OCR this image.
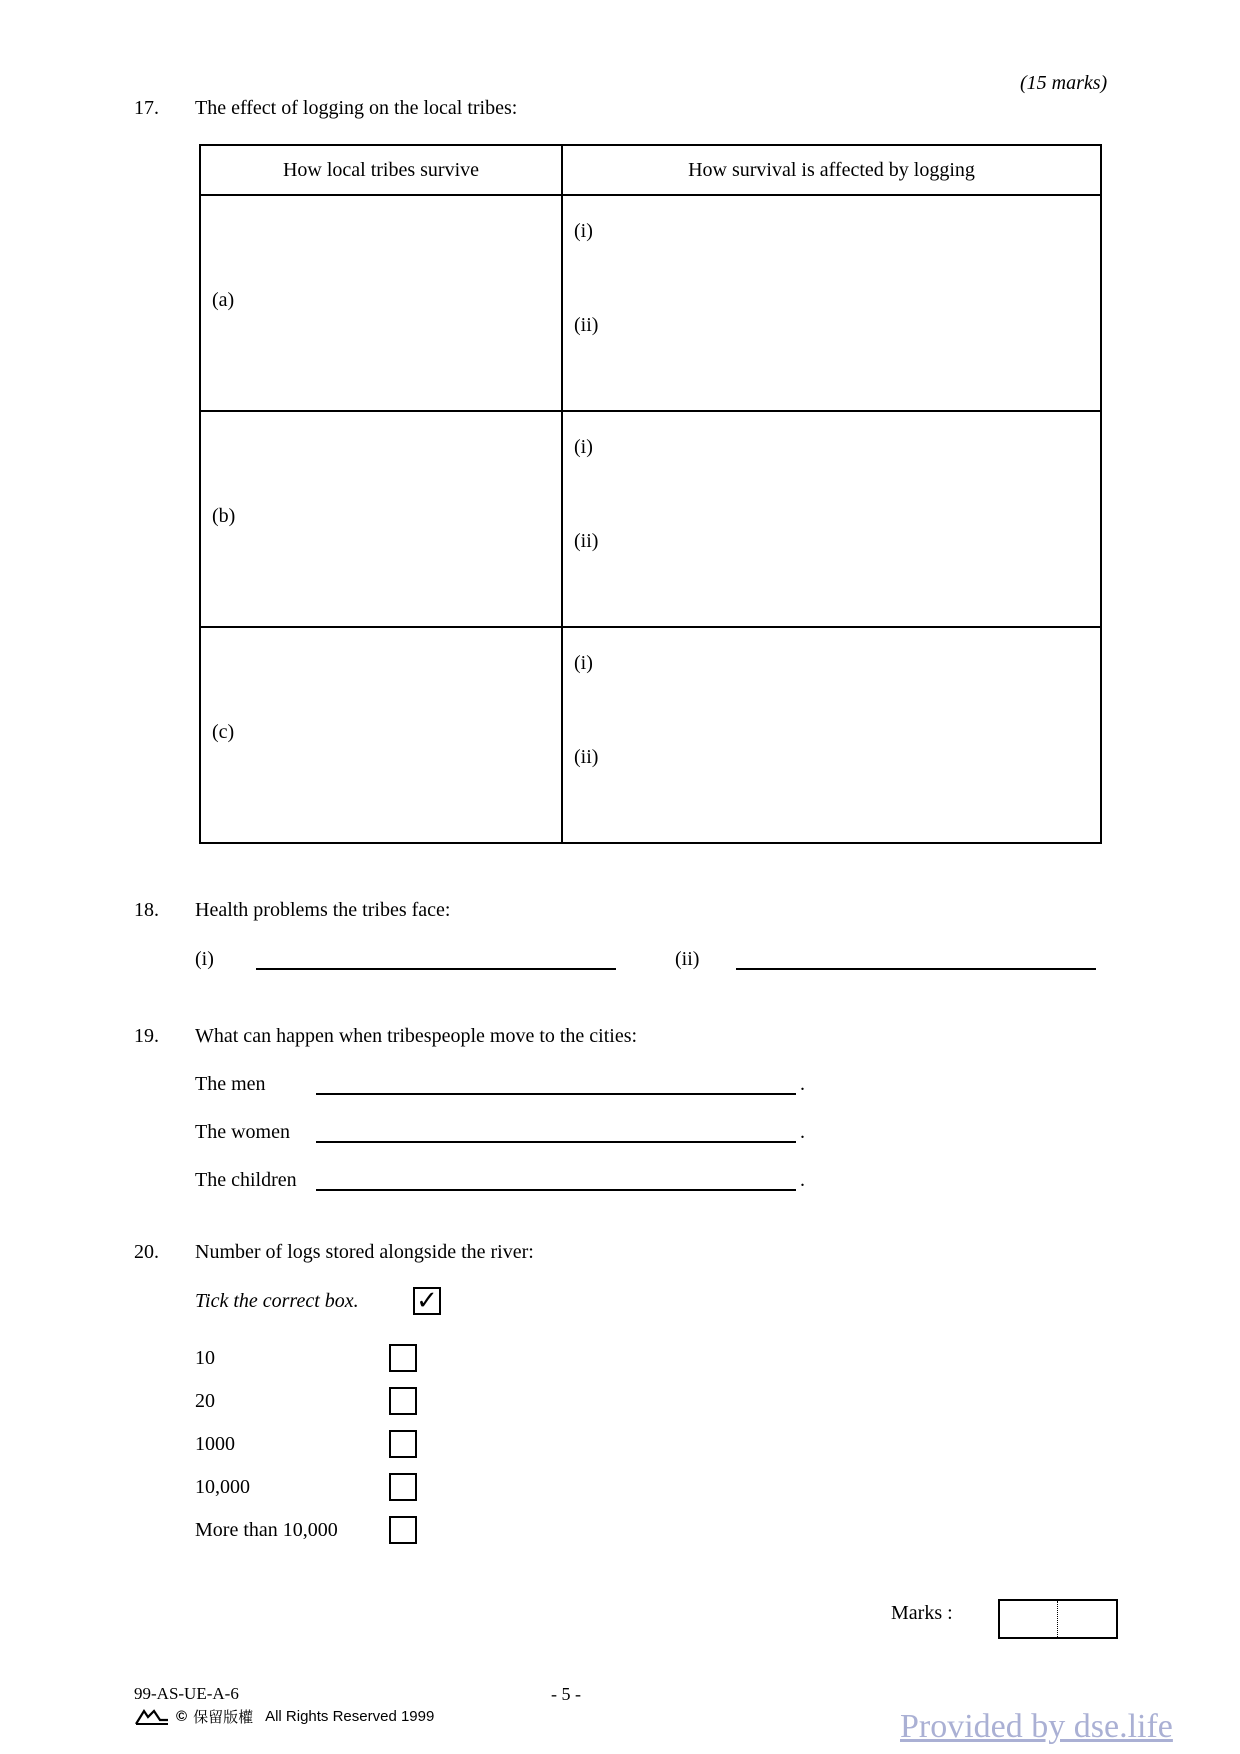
(15 marks)
17. The effect of logging on the local tribes:
How local tribes survive	How survival is affected by logging

(a)	(i)
(ii)

(b)	(i)
(ii)

(c)	(i)
(ii)
18. Health problems the tribes face:
(i)	(ii)
19. What can happen when tribespeople move to the cities:
The men	.
The women	.
The children	.
20. Number of logs stored alongside the river:
Tick the correct box. ✓
10
20
1000
10,000
More than 10,000
Marks :
99-AS-UE-A-6	- 5 -
© 保留版權 All Rights Reserved 1999	Provided by dse.life
